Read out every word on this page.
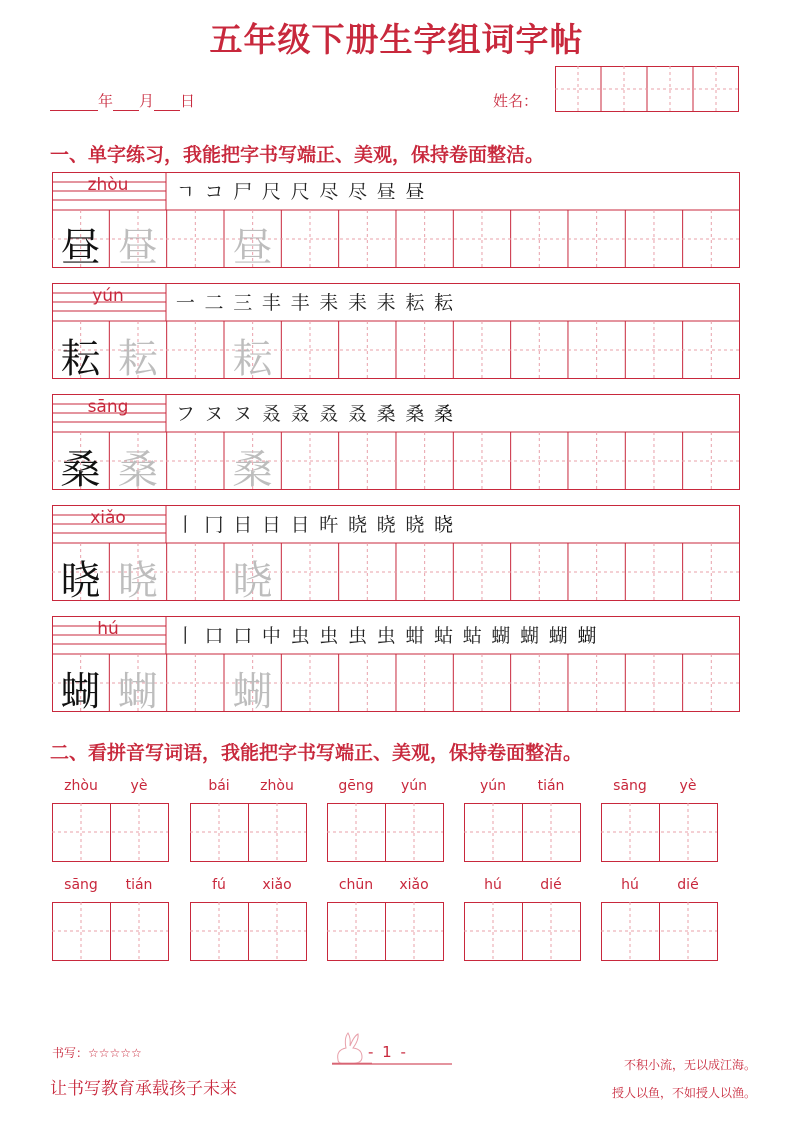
五年级下册生字组词字帖
年 月 日	姓名：
一、单字练习，我能把字书写端正、美观，保持卷面整洁。
zhòu
昼 昼 昼
ㄱ コ 尸 尺 尺 尽 尽 昼 昼
yún
耘 耘 耘
一 二 三 丰 丰 耒 耒 耒 耘 耘
sāng
桑 桑 桑
フ ヌ ヌ 叒 叒 叒 叒 桑 桑 桑
xiǎo
晓 晓 晓
丨 冂 日 日 日 旿 晓 晓 晓 晓
hú
蝴 蝴 蝴
丨 口 口 中 虫 虫 虫 虫 蚶 蛄 蛄 蝴 蝴 蝴 蝴
二、看拼音写词语，我能把字书写端正、美观，保持卷面整洁。
zhòu	yè	bái	zhòu	gēng	yún	yún	tián	sāng	yè
sāng	tián	fú	xiǎo	chūn	xiǎo	hú	dié	hú	dié
书写：☆☆☆☆☆	- 1 -
让书写教育承载孩子未来
不积小流，无以成江海。
授人以鱼，不如授人以渔。
